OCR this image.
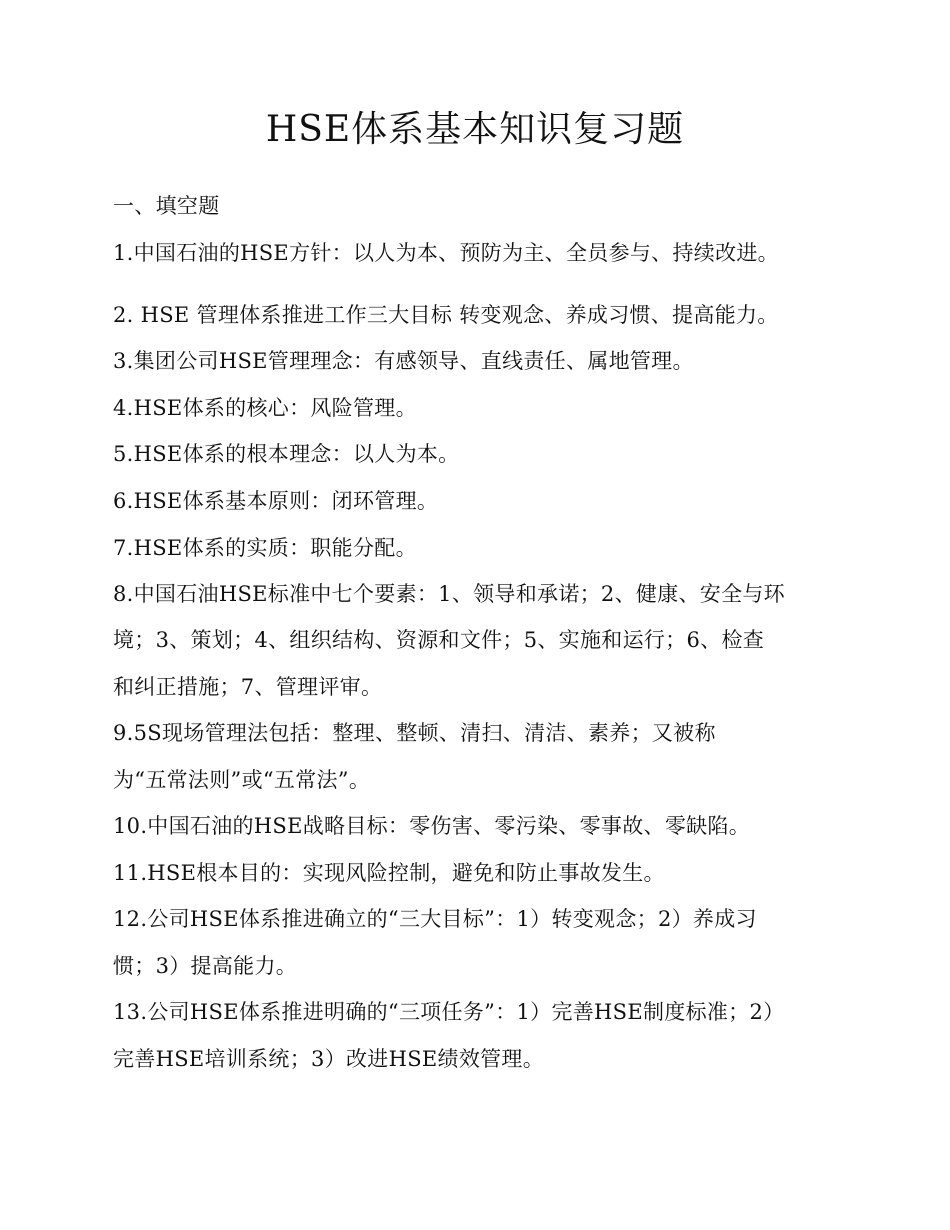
HSE体系基本知识复习题
一、填空题
1.中国石油的HSE方针：以人为本、预防为主、全员参与、持续改进。
2. HSE 管理体系推进工作三大目标 转变观念、养成习惯、提高能力。
3.集团公司HSE管理理念：有感领导、直线责任、属地管理。
4.HSE体系的核心：风险管理。
5.HSE体系的根本理念：以人为本。
6.HSE体系基本原则：闭环管理。
7.HSE体系的实质：职能分配。
8.中国石油HSE标准中七个要素：1、领导和承诺；2、健康、安全与环
境；3、策划；4、组织结构、资源和文件；5、实施和运行；6、检查
和纠正措施；7、管理评审。
9.5S现场管理法包括：整理、整顿、清扫、清洁、素养；又被称
为“五常法则”或“五常法”。
10.中国石油的HSE战略目标：零伤害、零污染、零事故、零缺陷。
11.HSE根本目的：实现风险控制，避免和防止事故发生。
12.公司HSE体系推进确立的“三大目标”：1）转变观念；2）养成习
惯；3）提高能力。
13.公司HSE体系推进明确的“三项任务”：1）完善HSE制度标准；2）
完善HSE培训系统；3）改进HSE绩效管理。
